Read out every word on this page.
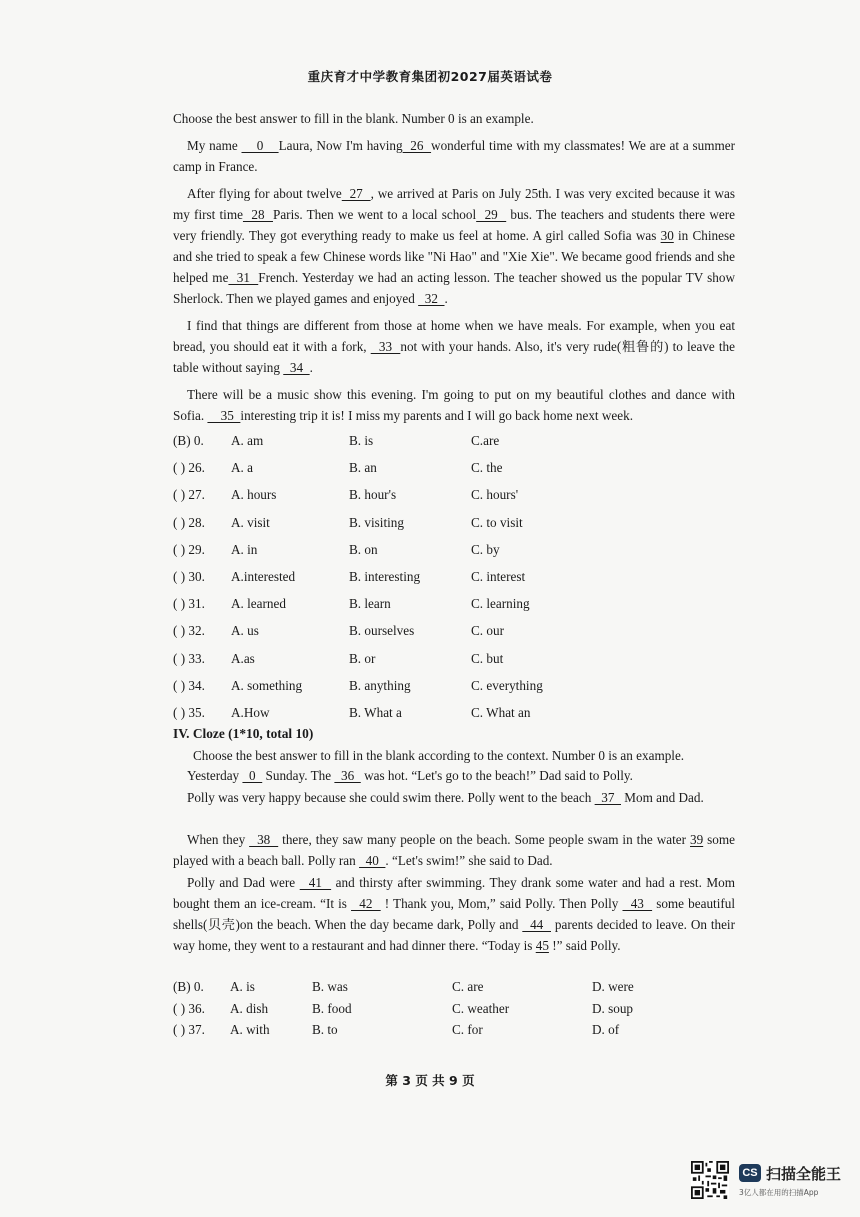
重庆育才中学教育集团初2027届英语试卷
Choose the best answer to fill in the blank. Number 0 is an example.
My name     0    Laura, Now I'm having  26  wonderful time with my classmates! We are at a summer camp in France.
After flying for about twelve  27  , we arrived at Paris on July 25th. I was very excited because it was my first time  28  Paris. Then we went to a local school  29   bus. The teachers and students there were very friendly. They got everything ready to make us feel at home. A girl called Sofia was 30 in Chinese and she tried to speak a few Chinese words like "Ni Hao" and "Xie Xie". We became good friends and she helped me  31  French. Yesterday we had an acting lesson. The teacher showed us the popular TV show Sherlock. Then we played games and enjoyed   32  .
I find that things are different from those at home when we have meals. For example, when you eat bread, you should eat it with a fork,   33  not with your hands. Also, it's very rude(粗鲁的) to leave the table without saying   34  .
There will be a music show this evening. I'm going to put on my beautiful clothes and dance with Sofia.     35  interesting trip it is! I miss my parents and I will go back home next week.
(B) 0. A. am	B. is	C.are
( ) 26. A. a	B. an	C. the
( ) 27. A. hours	B. hour's	C. hours'
( ) 28. A. visit	B. visiting	C. to visit
( ) 29. A. in	B. on	C. by
( ) 30. A.interested	B. interesting	C. interest
( ) 31. A. learned	B. learn	C. learning
( ) 32. A. us	B. ourselves	C. our
( ) 33. A.as	B. or	C. but
( ) 34. A. something	B. anything	C. everything
( ) 35. A.How	B. What a	C. What an
IV. Cloze (1*10, total 10)
Choose the best answer to fill in the blank according to the context. Number 0 is an example.
Yesterday   0   Sunday. The   36   was hot. “Let's go to the beach!” Dad said to Polly.
Polly was very happy because she could swim there. Polly went to the beach   37   Mom and Dad.
When they   38   there, they saw many people on the beach. Some people swam in the water 39 some played with a beach ball. Polly ran   40  . “Let's swim!” she said to Dad.
Polly and Dad were   41   and thirsty after swimming. They drank some water and had a rest. Mom bought them an ice-cream. “It is   42   ! Thank you, Mom,” said Polly. Then Polly   43   some beautiful shells(贝壳)on the beach. When the day became dark, Polly and   44   parents decided to leave. On their way home, they went to a restaurant and had dinner there. “Today is 45 !” said Polly.
(B) 0. A. is	B. was	C. are	D. were
( ) 36. A. dish	B. food	C. weather	D. soup
( ) 37. A. with	B. to	C. for	D. of
第 3 页 共 9 页
CS 扫描全能王
3亿人都在用的扫描App
